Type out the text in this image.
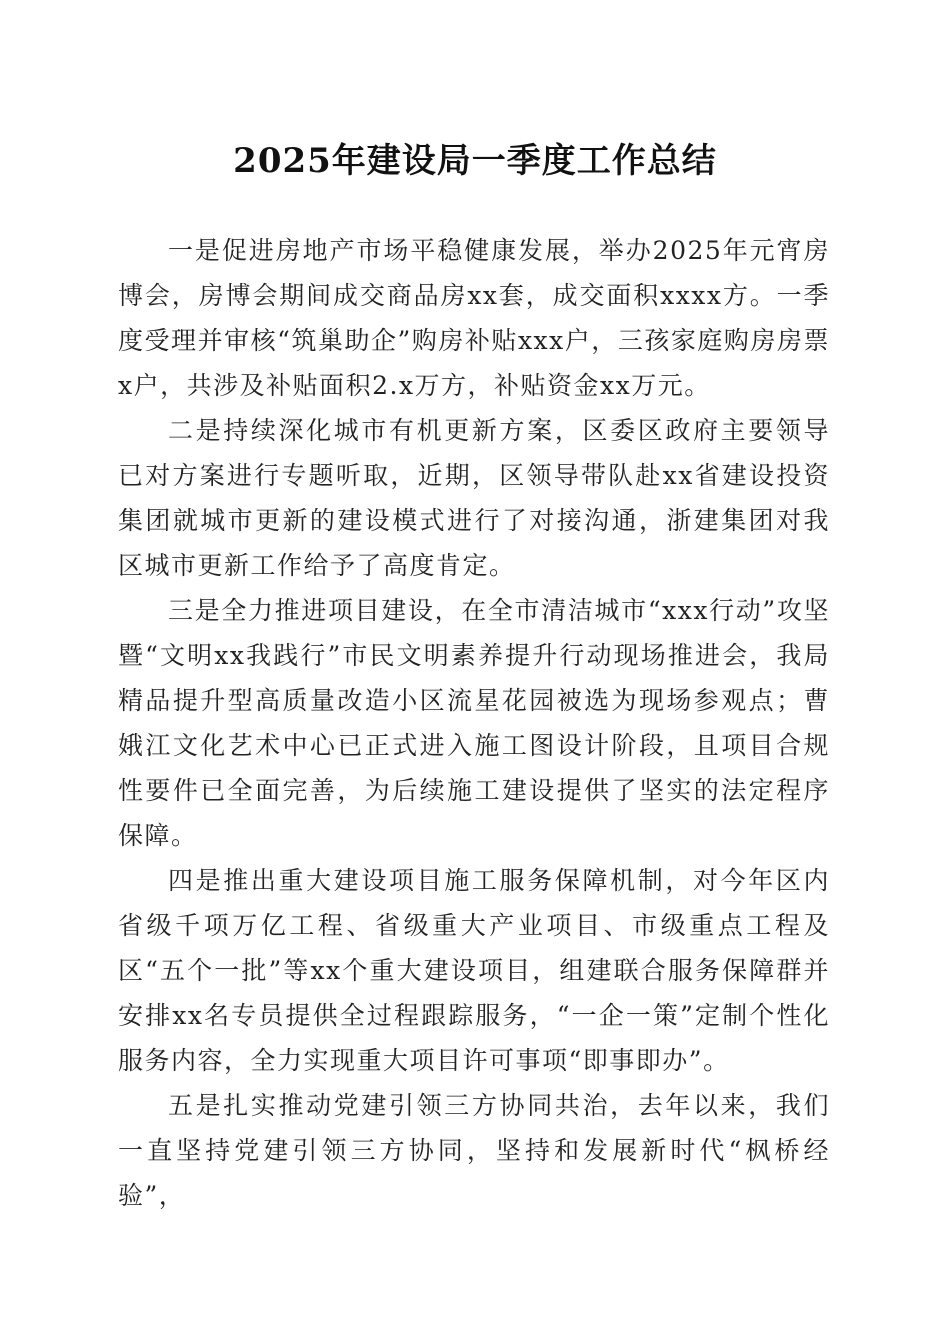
2025年建设局一季度工作总结

一是促进房地产市场平稳健康发展，举办2025年元宵房博会，房博会期间成交商品房xx套，成交面积xxxx方。一季度受理并审核“筑巢助企”购房补贴xxx户，三孩家庭购房房票x户，共涉及补贴面积2.x万方，补贴资金xx万元。

二是持续深化城市有机更新方案，区委区政府主要领导已对方案进行专题听取，近期，区领导带队赴xx省建设投资集团就城市更新的建设模式进行了对接沟通，浙建集团对我区城市更新工作给予了高度肯定。

三是全力推进项目建设，在全市清洁城市“xxx行动”攻坚暨“文明xx我践行”市民文明素养提升行动现场推进会，我局精品提升型高质量改造小区流星花园被选为现场参观点；曹娥江文化艺术中心已正式进入施工图设计阶段，且项目合规性要件已全面完善，为后续施工建设提供了坚实的法定程序保障。

四是推出重大建设项目施工服务保障机制，对今年区内省级千项万亿工程、省级重大产业项目、市级重点工程及区“五个一批”等xx个重大建设项目，组建联合服务保障群并安排xx名专员提供全过程跟踪服务，“一企一策”定制个性化服务内容，全力实现重大项目许可事项“即事即办”。

五是扎实推动党建引领三方协同共治，去年以来，我们一直坚持党建引领三方协同，坚持和发展新时代“枫桥经验”，
